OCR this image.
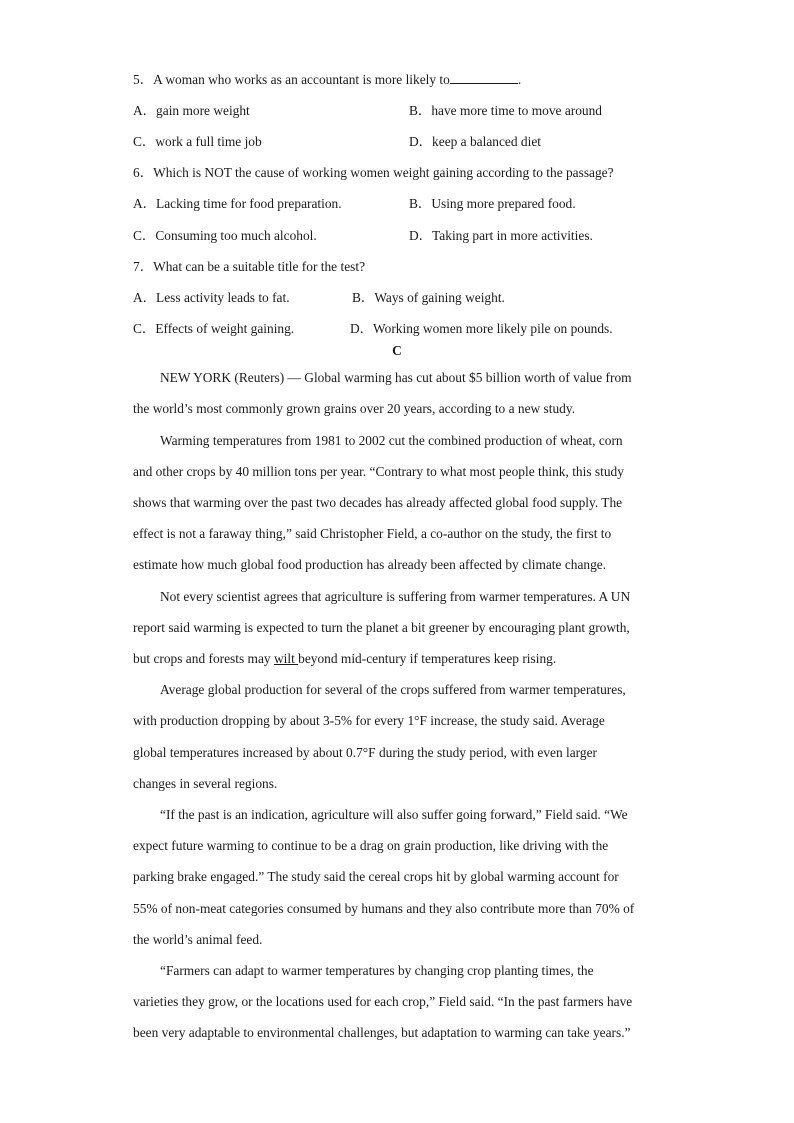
5．A woman who works as an accountant is more likely to	.
A．gain more weight	B．have more time to move around
C．work a full time job	D．keep a balanced diet
6．Which is NOT the cause of working women weight gaining according to the passage?
A．Lacking time for food preparation.	B．Using more prepared food.
C．Consuming too much alcohol.	D．Taking part in more activities.
7．What can be a suitable title for the test?
A．Less activity leads to fat.	B．Ways of gaining weight.
C．Effects of weight gaining.	D．Working women more likely pile on pounds.
C
NEW YORK (Reuters) — Global warming has cut about $5 billion worth of value from
the world’s most commonly grown grains over 20 years, according to a new study.
Warming temperatures from 1981 to 2002 cut the combined production of wheat, corn
and other crops by 40 million tons per year. “Contrary to what most people think, this study
shows that warming over the past two decades has already affected global food supply. The
effect is not a faraway thing,” said Christopher Field, a co-author on the study, the first to
estimate how much global food production has already been affected by climate change.
Not every scientist agrees that agriculture is suffering from warmer temperatures. A UN
report said warming is expected to turn the planet a bit greener by encouraging plant growth,
but crops and forests may wilt beyond mid-century if temperatures keep rising.
Average global production for several of the crops suffered from warmer temperatures,
with production dropping by about 3-5% for every 1°F increase, the study said. Average
global temperatures increased by about 0.7°F during the study period, with even larger
changes in several regions.
“If the past is an indication, agriculture will also suffer going forward,” Field said. “We
expect future warming to continue to be a drag on grain production, like driving with the
parking brake engaged.” The study said the cereal crops hit by global warming account for
55% of non-meat categories consumed by humans and they also contribute more than 70% of
the world’s animal feed.
“Farmers can adapt to warmer temperatures by changing crop planting times, the
varieties they grow, or the locations used for each crop,” Field said. “In the past farmers have
been very adaptable to environmental challenges, but adaptation to warming can take years.”
